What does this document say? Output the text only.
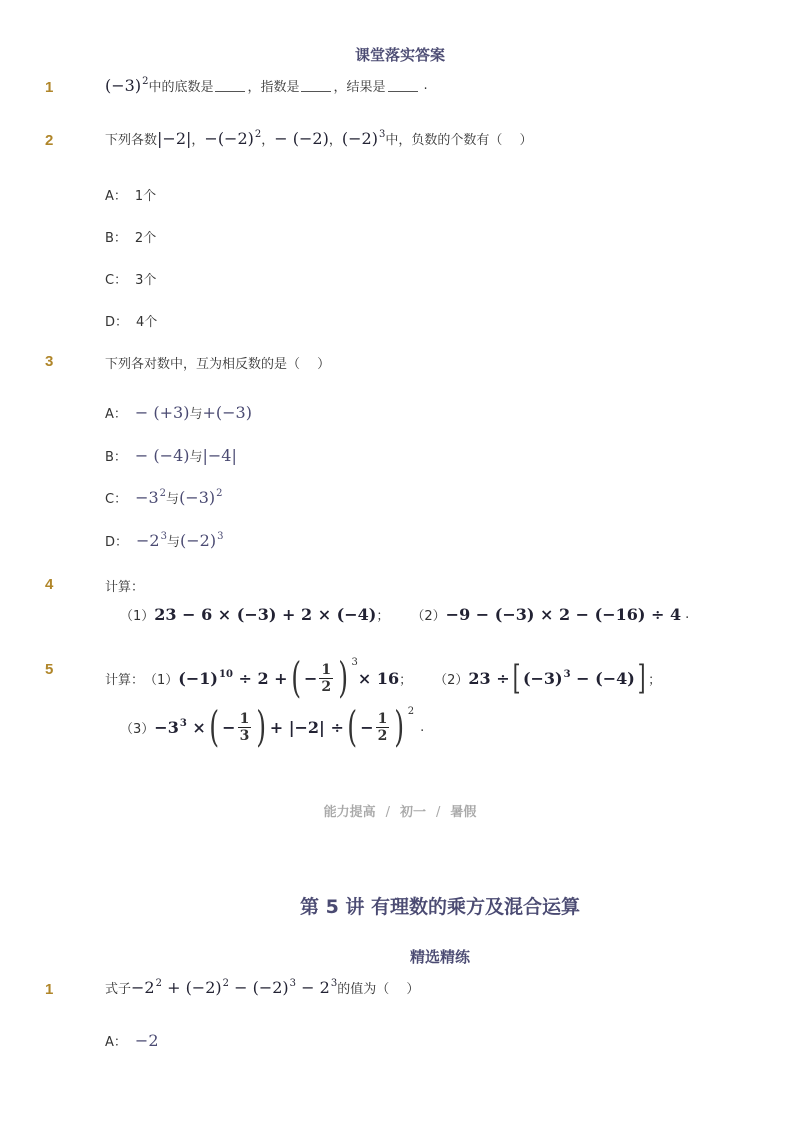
课堂落实答案
1	$(-3)^2$ 中的底数是	，指数是	，结果是	.
2	下列各数 |−2| ， $-(-2)^2$ ， − (−2) ， $(-2)^3$ 中，负数的个数有（　 ）
A： 1个
B： 2个
C： 3个
D： 4个
3	下列各对数中，互为相反数的是（　 ）
A： − (+3) 与 +(−3)
B： − (−4) 与 |−4|
C： $-3^2$ 与 $(-3)^2$
D： $-2^3$ 与 $(-2)^3$
4	计算：
（1） 23 − 6 × (−3) + 2 × (−4) ； （2） −9 − (−3) × 2 − (−16) ÷ 4 .
5
计算： （1） $(-1)^{10} \div 2$ + ( − $\frac{1}{2}$ ) 3
× 16 ； （2） 23 ÷ [ $(-3)^3 - (-4)$ ] ；
$(3) -3^3$ × ( − $\frac{1}{3}$ ) + |−2| ÷ ( − $\frac{1}{2}$ ) 2
.
能力提高 / 初一 / 暑假
第 5 讲 有理数的乘方及混合运算
精选精练
1	式子 $-2^2 + (-2)^2 - (-2)^3 - 2^3$ 的值为（　 ）
A： −2
